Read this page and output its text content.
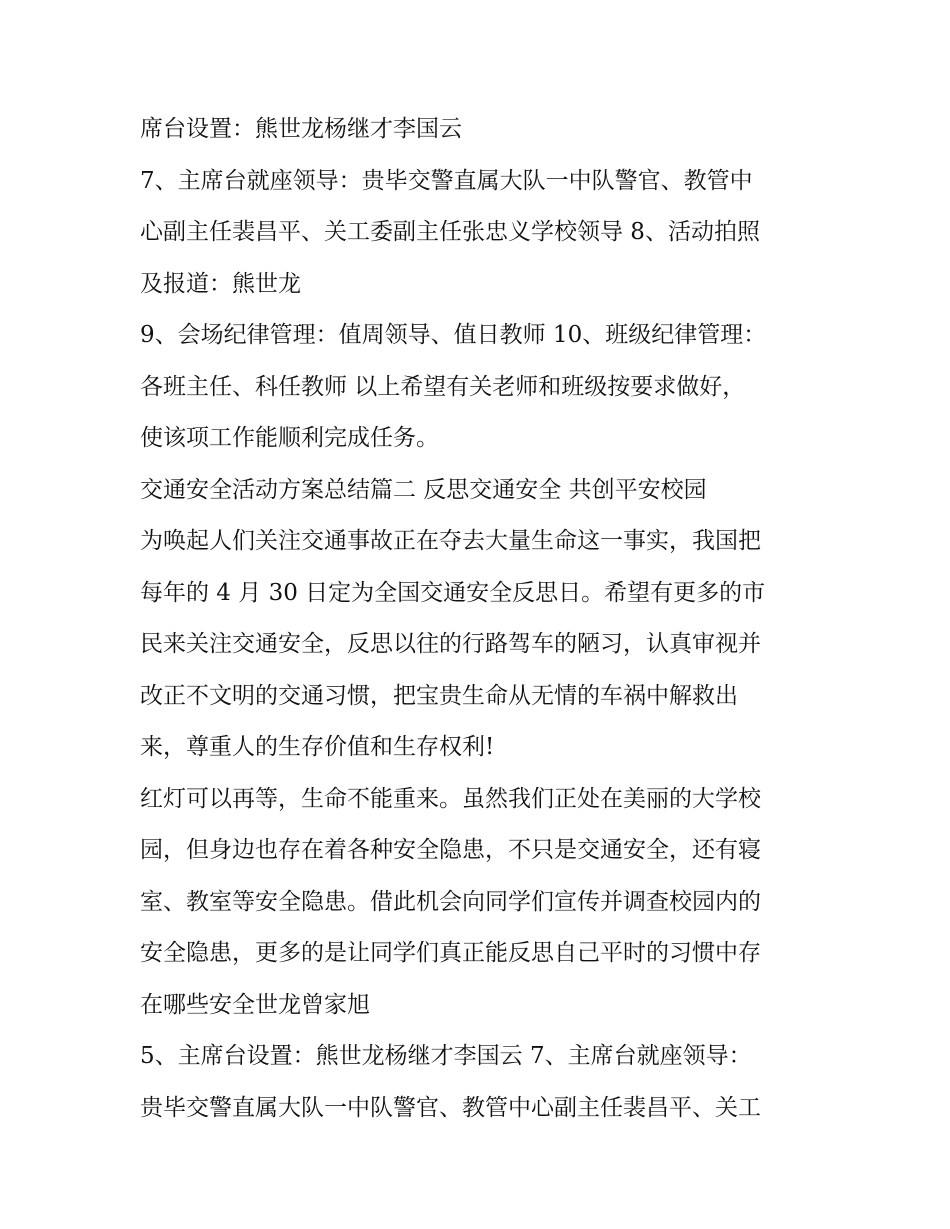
席台设置：熊世龙杨继才李国云
7、主席台就座领导：贵毕交警直属大队一中队警官、教管中
心副主任裴昌平、关工委副主任张忠义学校领导 8、活动拍照
及报道：熊世龙
9、会场纪律管理：值周领导、值日教师 10、班级纪律管理：
各班主任、科任教师 以上希望有关老师和班级按要求做好，
使该项工作能顺利完成任务。
交通安全活动方案总结篇二 反思交通安全 共创平安校园
为唤起人们关注交通事故正在夺去大量生命这一事实，我国把
每年的 4 月 30 日定为全国交通安全反思日。希望有更多的市
民来关注交通安全，反思以往的行路驾车的陋习，认真审视并
改正不文明的交通习惯，把宝贵生命从无情的车祸中解救出
来，尊重人的生存价值和生存权利!
红灯可以再等，生命不能重来。虽然我们正处在美丽的大学校
园，但身边也存在着各种安全隐患，不只是交通安全，还有寝
室、教室等安全隐患。借此机会向同学们宣传并调查校园内的
安全隐患，更多的是让同学们真正能反思自己平时的习惯中存
在哪些安全世龙曾家旭
5、主席台设置：熊世龙杨继才李国云 7、主席台就座领导：
贵毕交警直属大队一中队警官、教管中心副主任裴昌平、关工
